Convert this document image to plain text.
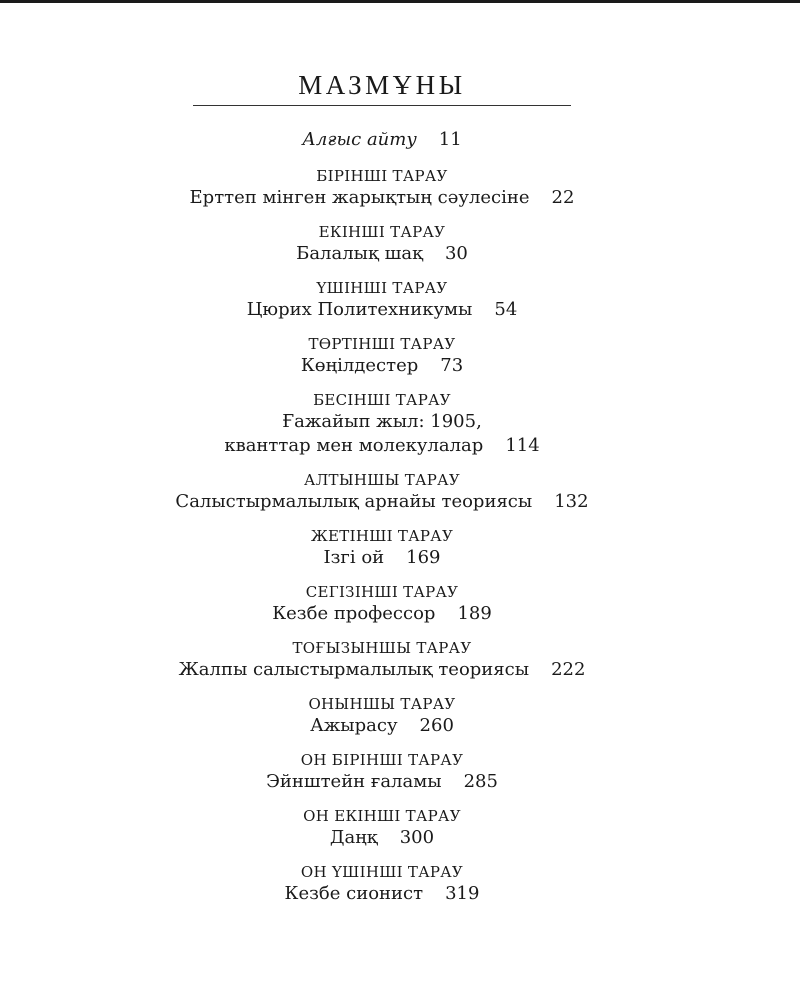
МАЗМҰНЫ
Алғыс айту 11
БІРІНШІ ТАРАУ
Ерттеп мінген жарықтың сәулесіне 22
ЕКІНШІ ТАРАУ
Балалық шақ 30
ҮШІНШІ ТАРАУ
Цюрих Политехникумы 54
ТӨРТІНШІ ТАРАУ
Көңілдестер 73
БЕСІНШІ ТАРАУ
Ғажайып жыл: 1905,
кванттар мен молекулалар 114
АЛТЫНШЫ ТАРАУ
Салыстырмалылық арнайы теориясы 132
ЖЕТІНШІ ТАРАУ
Ізгі ой 169
СЕГІЗІНШІ ТАРАУ
Кезбе профессор 189
ТОҒЫЗЫНШЫ ТАРАУ
Жалпы салыстырмалылық теориясы 222
ОНЫНШЫ ТАРАУ
Ажырасу 260
ОН БІРІНШІ ТАРАУ
Эйнштейн ғаламы 285
ОН ЕКІНШІ ТАРАУ
Даңқ 300
ОН ҮШІНШІ ТАРАУ
Кезбе сионист 319
